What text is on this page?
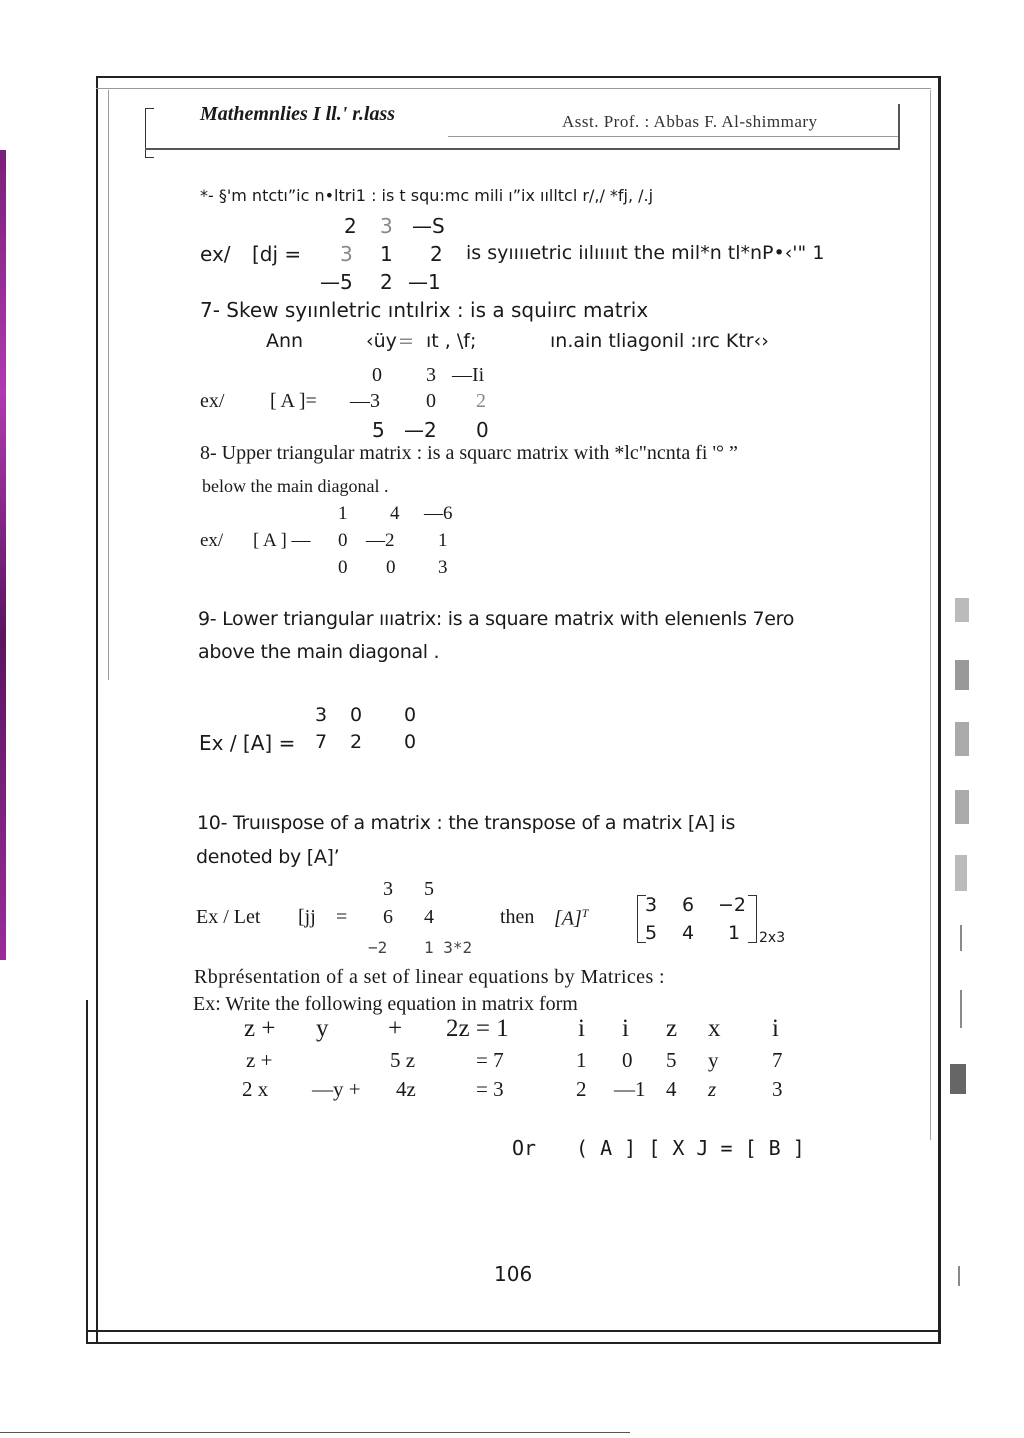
Mathemnlies I ll.' r.lass	Asst. Prof. : Abbas F. Al-shimmary
*- §'m ntctı”ic n•ltri1 : is t squ:mc mili ı”ix ıılltcl r/,/ *fj, /.j
2 3 —S
ex/ [dj = 3 1 2 is syııııetric iılıııııt the mil*n tl*nP•‹'" 1
—5 2 —1
7- Skew syıınletric ıntılrix : is a squiırc matrix
Ann	‹üy = ıt , \f;	ın.ain tliagonil :ırc Ktr‹›
0 3 —Ii
ex/ [ A ]= —3 0 2
5 —2 0
8- Upper triangular matrix : is a squarc matrix with *lc"ncnta fi '° ”
below the main diagonal .
1 4 —6
ex/ [ A ] — 0 —2 1
0 0 3
9- Lower triangular ıııatrix: is a square matrix with elenıenls 7ero
above the main diagonal .
3 0 0
Ex / [A] = 7 2 0
10- Truııspose of a matrix : the transpose of a matrix [A] is
denoted by [A]’
3 5
Ex / Let [jj = 6 4	then $[A]^T$
−2 1 3*2
3 6 −2
5 4 1 2x3
Rbprésentation of a set of linear equations by Matrices :
Ex: Write the following equation in matrix form
z + y + 2z = 1	i i z x i
z +	5 z	= 7	1 0 5 y	7
2 x —y + 4z	= 3	2 —1 4 z	3
Or ( A ] [ X J = [ B ]
106
